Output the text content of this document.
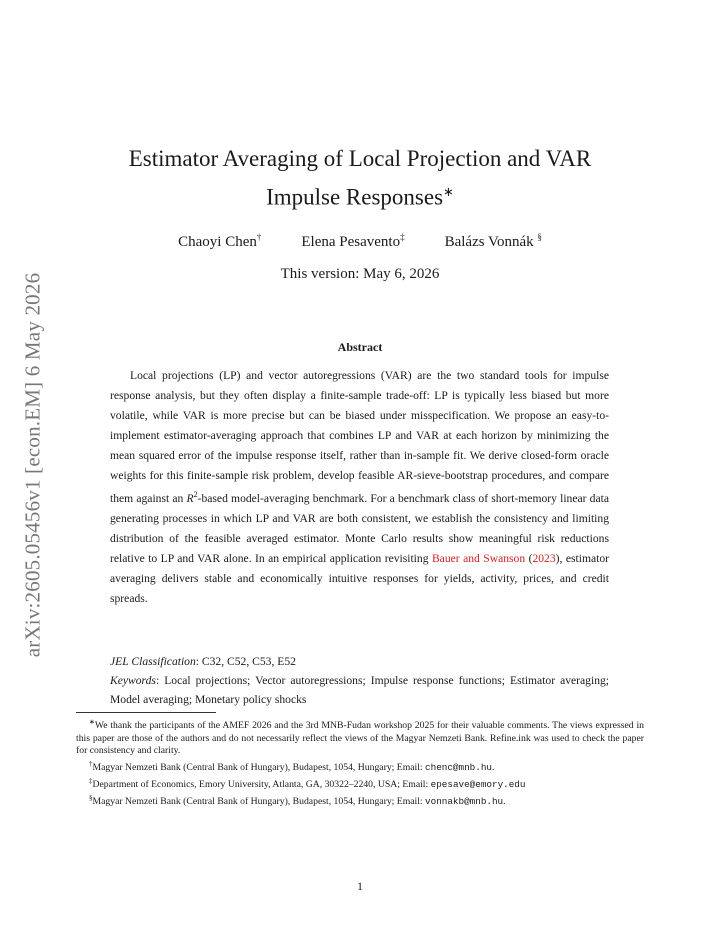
arXiv:2605.05456v1 [econ.EM] 6 May 2026
Estimator Averaging of Local Projection and VAR
Impulse Responses∗
Chaoyi Chen†	Elena Pesavento‡	Balázs Vonnák §
This version: May 6, 2026
Abstract

Local projections (LP) and vector autoregressions (VAR) are the two standard tools for impulse response analysis, but they often display a finite-sample trade-off: LP is typically less biased but more volatile, while VAR is more precise but can be biased under misspecification. We propose an easy-to-implement estimator-averaging approach that combines LP and VAR at each horizon by minimizing the mean squared error of the impulse response itself, rather than in-sample fit. We derive closed-form oracle weights for this finite-sample risk problem, develop feasible AR-sieve-bootstrap procedures, and compare them against an $R^2$-based model-averaging benchmark. For a benchmark class of short-memory linear data generating processes in which LP and VAR are both consistent, we establish the consistency and limiting distribution of the feasible averaged estimator. Monte Carlo results show meaningful risk reductions relative to LP and VAR alone. In an empirical application revisiting Bauer and Swanson (2023), estimator averaging delivers stable and economically intuitive responses for yields, activity, prices, and credit spreads.

JEL Classification: C32, C52, C53, E52

Keywords: Local projections; Vector autoregressions; Impulse response functions; Estimator averaging; Model averaging; Monetary policy shocks

∗We thank the participants of the AMEF 2026 and the 3rd MNB-Fudan workshop 2025 for their valuable comments. The views expressed in this paper are those of the authors and do not necessarily reflect the views of the Magyar Nemzeti Bank. Refine.ink was used to check the paper for consistency and clarity.

†Magyar Nemzeti Bank (Central Bank of Hungary), Budapest, 1054, Hungary; Email: chenc@mnb.hu.

‡Department of Economics, Emory University, Atlanta, GA, 30322–2240, USA; Email: epesave@emory.edu

§Magyar Nemzeti Bank (Central Bank of Hungary), Budapest, 1054, Hungary; Email: vonnakb@mnb.hu.

1
